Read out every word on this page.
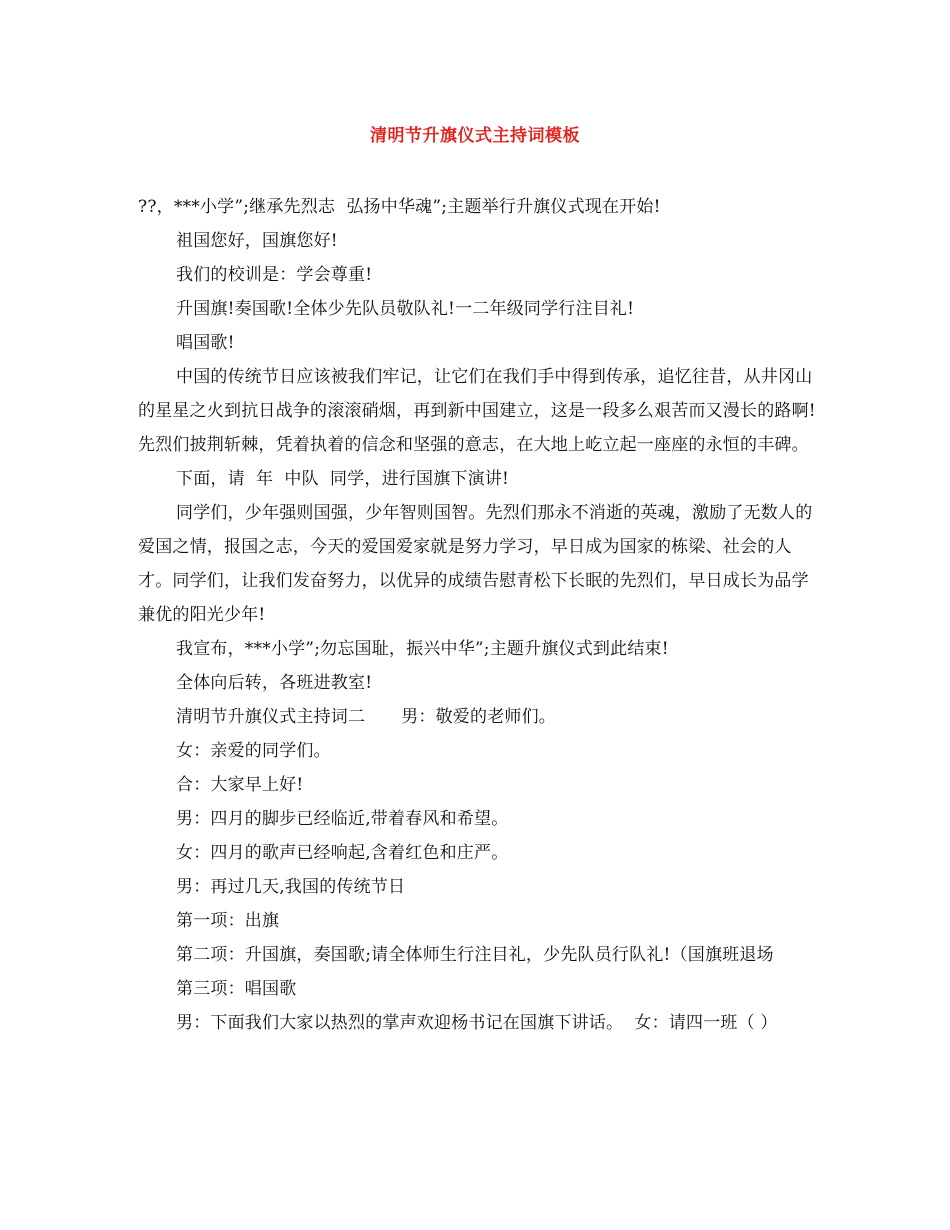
清明节升旗仪式主持词模板

??，***小学”;继承先烈志  弘扬中华魂”;主题举行升旗仪式现在开始!

祖国您好，国旗您好!

我们的校训是：学会尊重!

升国旗!奏国歌!全体少先队员敬队礼!一二年级同学行注目礼!

唱国歌!

中国的传统节日应该被我们牢记，让它们在我们手中得到传承，追忆往昔，从井冈山的星星之火到抗日战争的滚滚硝烟，再到新中国建立，这是一段多么艰苦而又漫长的路啊!先烈们披荆斩棘，凭着执着的信念和坚强的意志，在大地上屹立起一座座的永恒的丰碑。

下面，请  年  中队  同学，进行国旗下演讲!

同学们，少年强则国强，少年智则国智。先烈们那永不消逝的英魂，激励了无数人的爱国之情，报国之志，今天的爱国爱家就是努力学习，早日成为国家的栋梁、社会的人才。同学们，让我们发奋努力，以优异的成绩告慰青松下长眠的先烈们，早日成长为品学兼优的阳光少年!

我宣布，***小学”;勿忘国耻，振兴中华”;主题升旗仪式到此结束!

全体向后转，各班进教室!

清明节升旗仪式主持词二 男：敬爱的老师们。

女：亲爱的同学们。

合：大家早上好!

男：四月的脚步已经临近,带着春风和希望。

女：四月的歌声已经响起,含着红色和庄严。

男：再过几天,我国的传统节日

第一项：出旗

第二项：升国旗，奏国歌;请全体师生行注目礼，少先队员行队礼!（国旗班退场

第三项：唱国歌

男：下面我们大家以热烈的掌声欢迎杨书记在国旗下讲话。  女：请四一班（ ）
